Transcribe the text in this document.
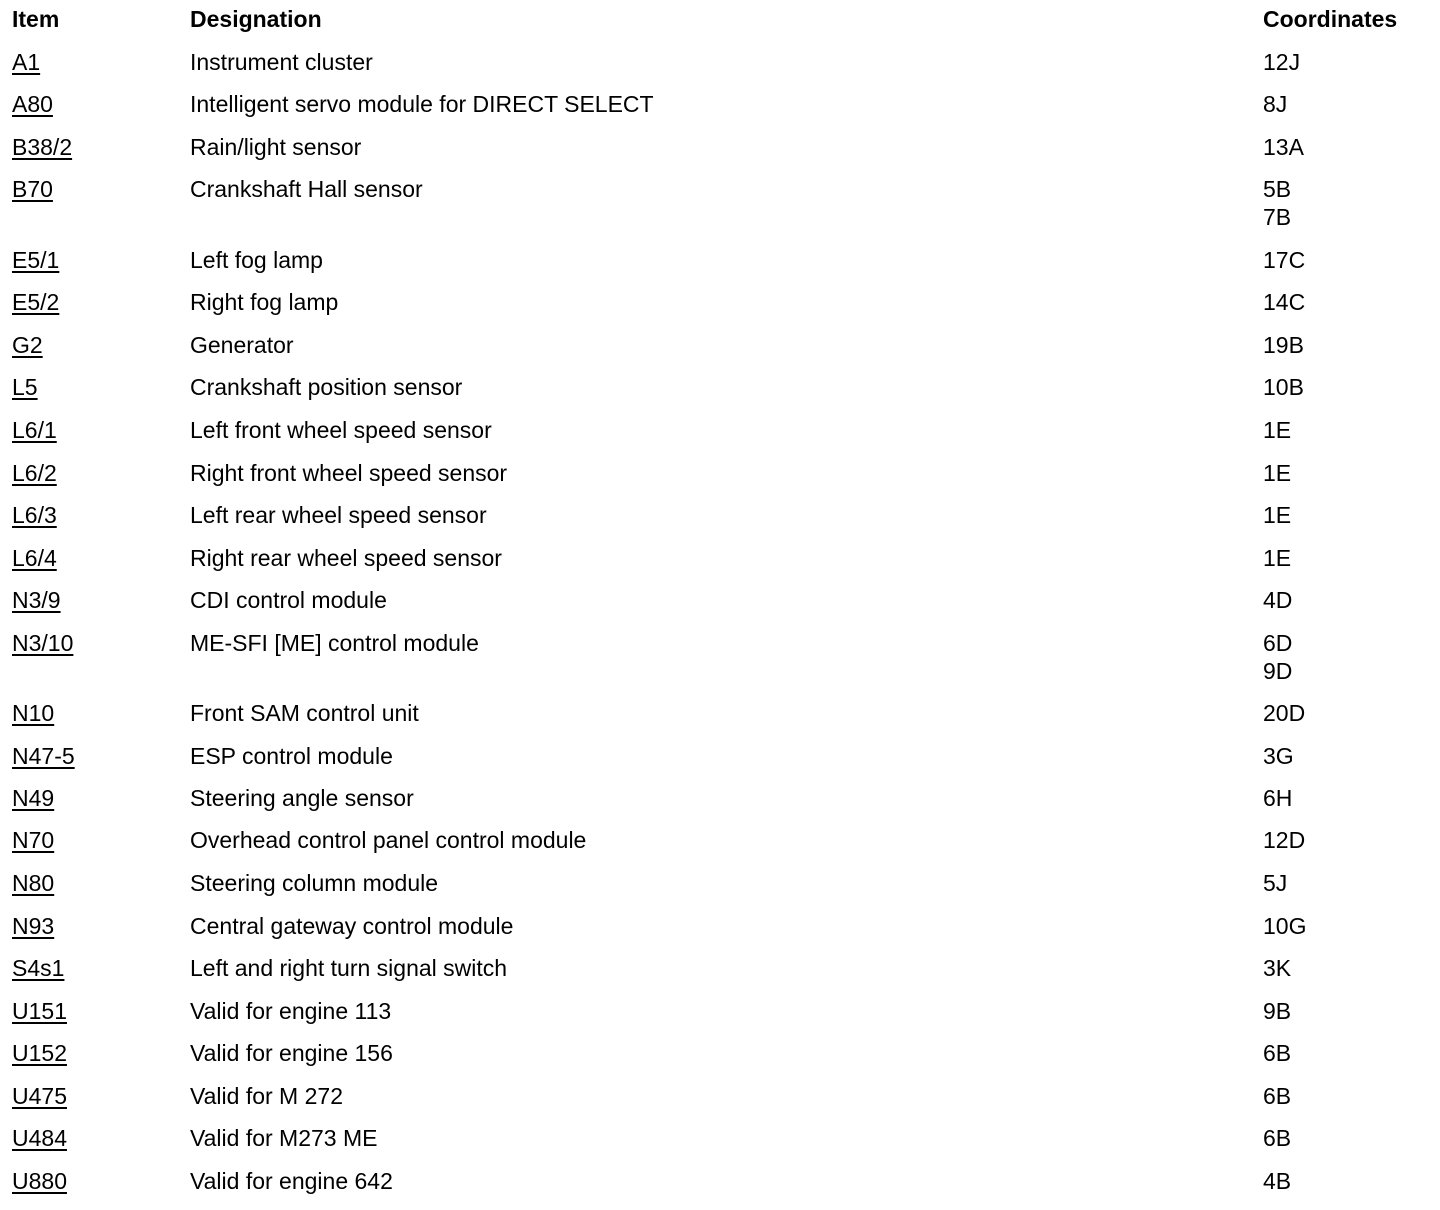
Item	Designation	Coordinates
A1	Instrument cluster	12J
A80	Intelligent servo module for DIRECT SELECT	8J
B38/2	Rain/light sensor	13A
B70	Crankshaft Hall sensor	5B
7B
E5/1	Left fog lamp	17C
E5/2	Right fog lamp	14C
G2	Generator	19B
L5	Crankshaft position sensor	10B
L6/1	Left front wheel speed sensor	1E
L6/2	Right front wheel speed sensor	1E
L6/3	Left rear wheel speed sensor	1E
L6/4	Right rear wheel speed sensor	1E
N3/9	CDI control module	4D
N3/10	ME-SFI [ME] control module	6D
9D
N10	Front SAM control unit	20D
N47-5	ESP control module	3G
N49	Steering angle sensor	6H
N70	Overhead control panel control module	12D
N80	Steering column module	5J
N93	Central gateway control module	10G
S4s1	Left and right turn signal switch	3K
U151	Valid for engine 113	9B
U152	Valid for engine 156	6B
U475	Valid for M 272	6B
U484	Valid for M273 ME	6B
U880	Valid for engine 642	4B
